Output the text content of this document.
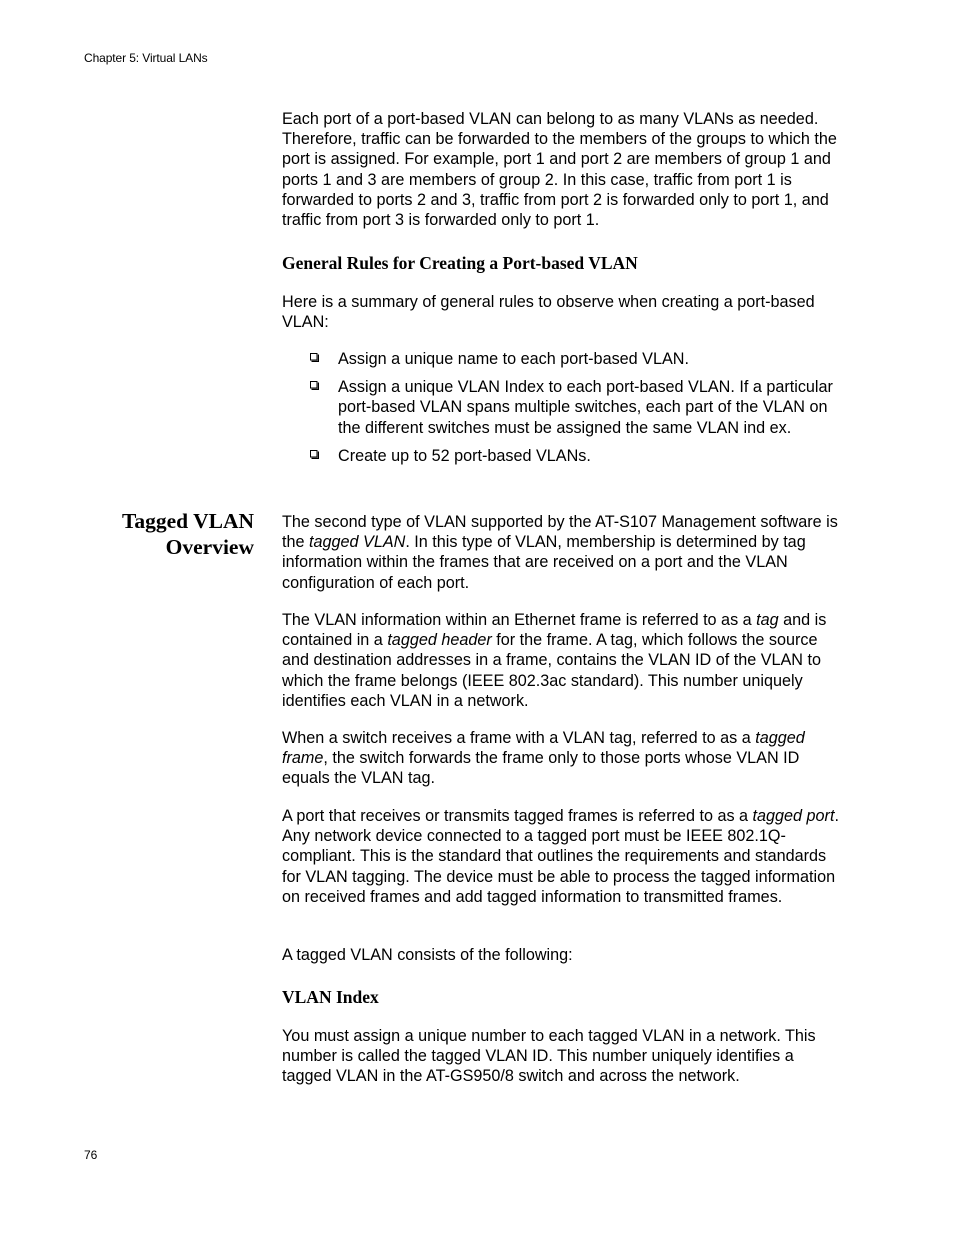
Chapter 5: Virtual LANs

Each port of a port-based VLAN can belong to as many VLANs as needed. Therefore, traffic can be forwarded to the members of the groups to which the port is assigned. For example, port 1 and port 2 are members of group 1 and ports 1 and 3 are members of group 2. In this case, traffic from port 1 is forwarded to ports 2 and 3, traffic from port 2 is forwarded only to port 1, and traffic from port 3 is forwarded only to port 1.

General Rules for Creating a Port-based VLAN

Here is a summary of general rules to observe when creating a port-based VLAN:

Assign a unique name to each port-based VLAN.
Assign a unique VLAN Index to each port-based VLAN. If a particular port-based VLAN spans multiple switches, each part of the VLAN on the different switches must be assigned the same VLAN ind ex.
Create up to 52 port-based VLANs.
Tagged VLAN
Overview

The second type of VLAN supported by the AT-S107 Management software is the tagged VLAN. In this type of VLAN, membership is determined by tag information within the frames that are received on a port and the VLAN configuration of each port.

The VLAN information within an Ethernet frame is referred to as a tag and is contained in a tagged header for the frame. A tag, which follows the source and destination addresses in a frame, contains the VLAN ID of the VLAN to which the frame belongs (IEEE 802.3ac standard). This number uniquely identifies each VLAN in a network.

When a switch receives a frame with a VLAN tag, referred to as a tagged frame, the switch forwards the frame only to those ports whose VLAN ID equals the VLAN tag.

A port that receives or transmits tagged frames is referred to as a tagged port. Any network device connected to a tagged port must be IEEE 802.1Q-compliant. This is the standard that outlines the requirements and standards for VLAN tagging. The device must be able to process the tagged information on received frames and add tagged information to transmitted frames.

A tagged VLAN consists of the following:

VLAN Index

You must assign a unique number to each tagged VLAN in a network. This number is called the tagged VLAN ID. This number uniquely identifies a tagged VLAN in the AT-GS950/8 switch and across the network.

76
